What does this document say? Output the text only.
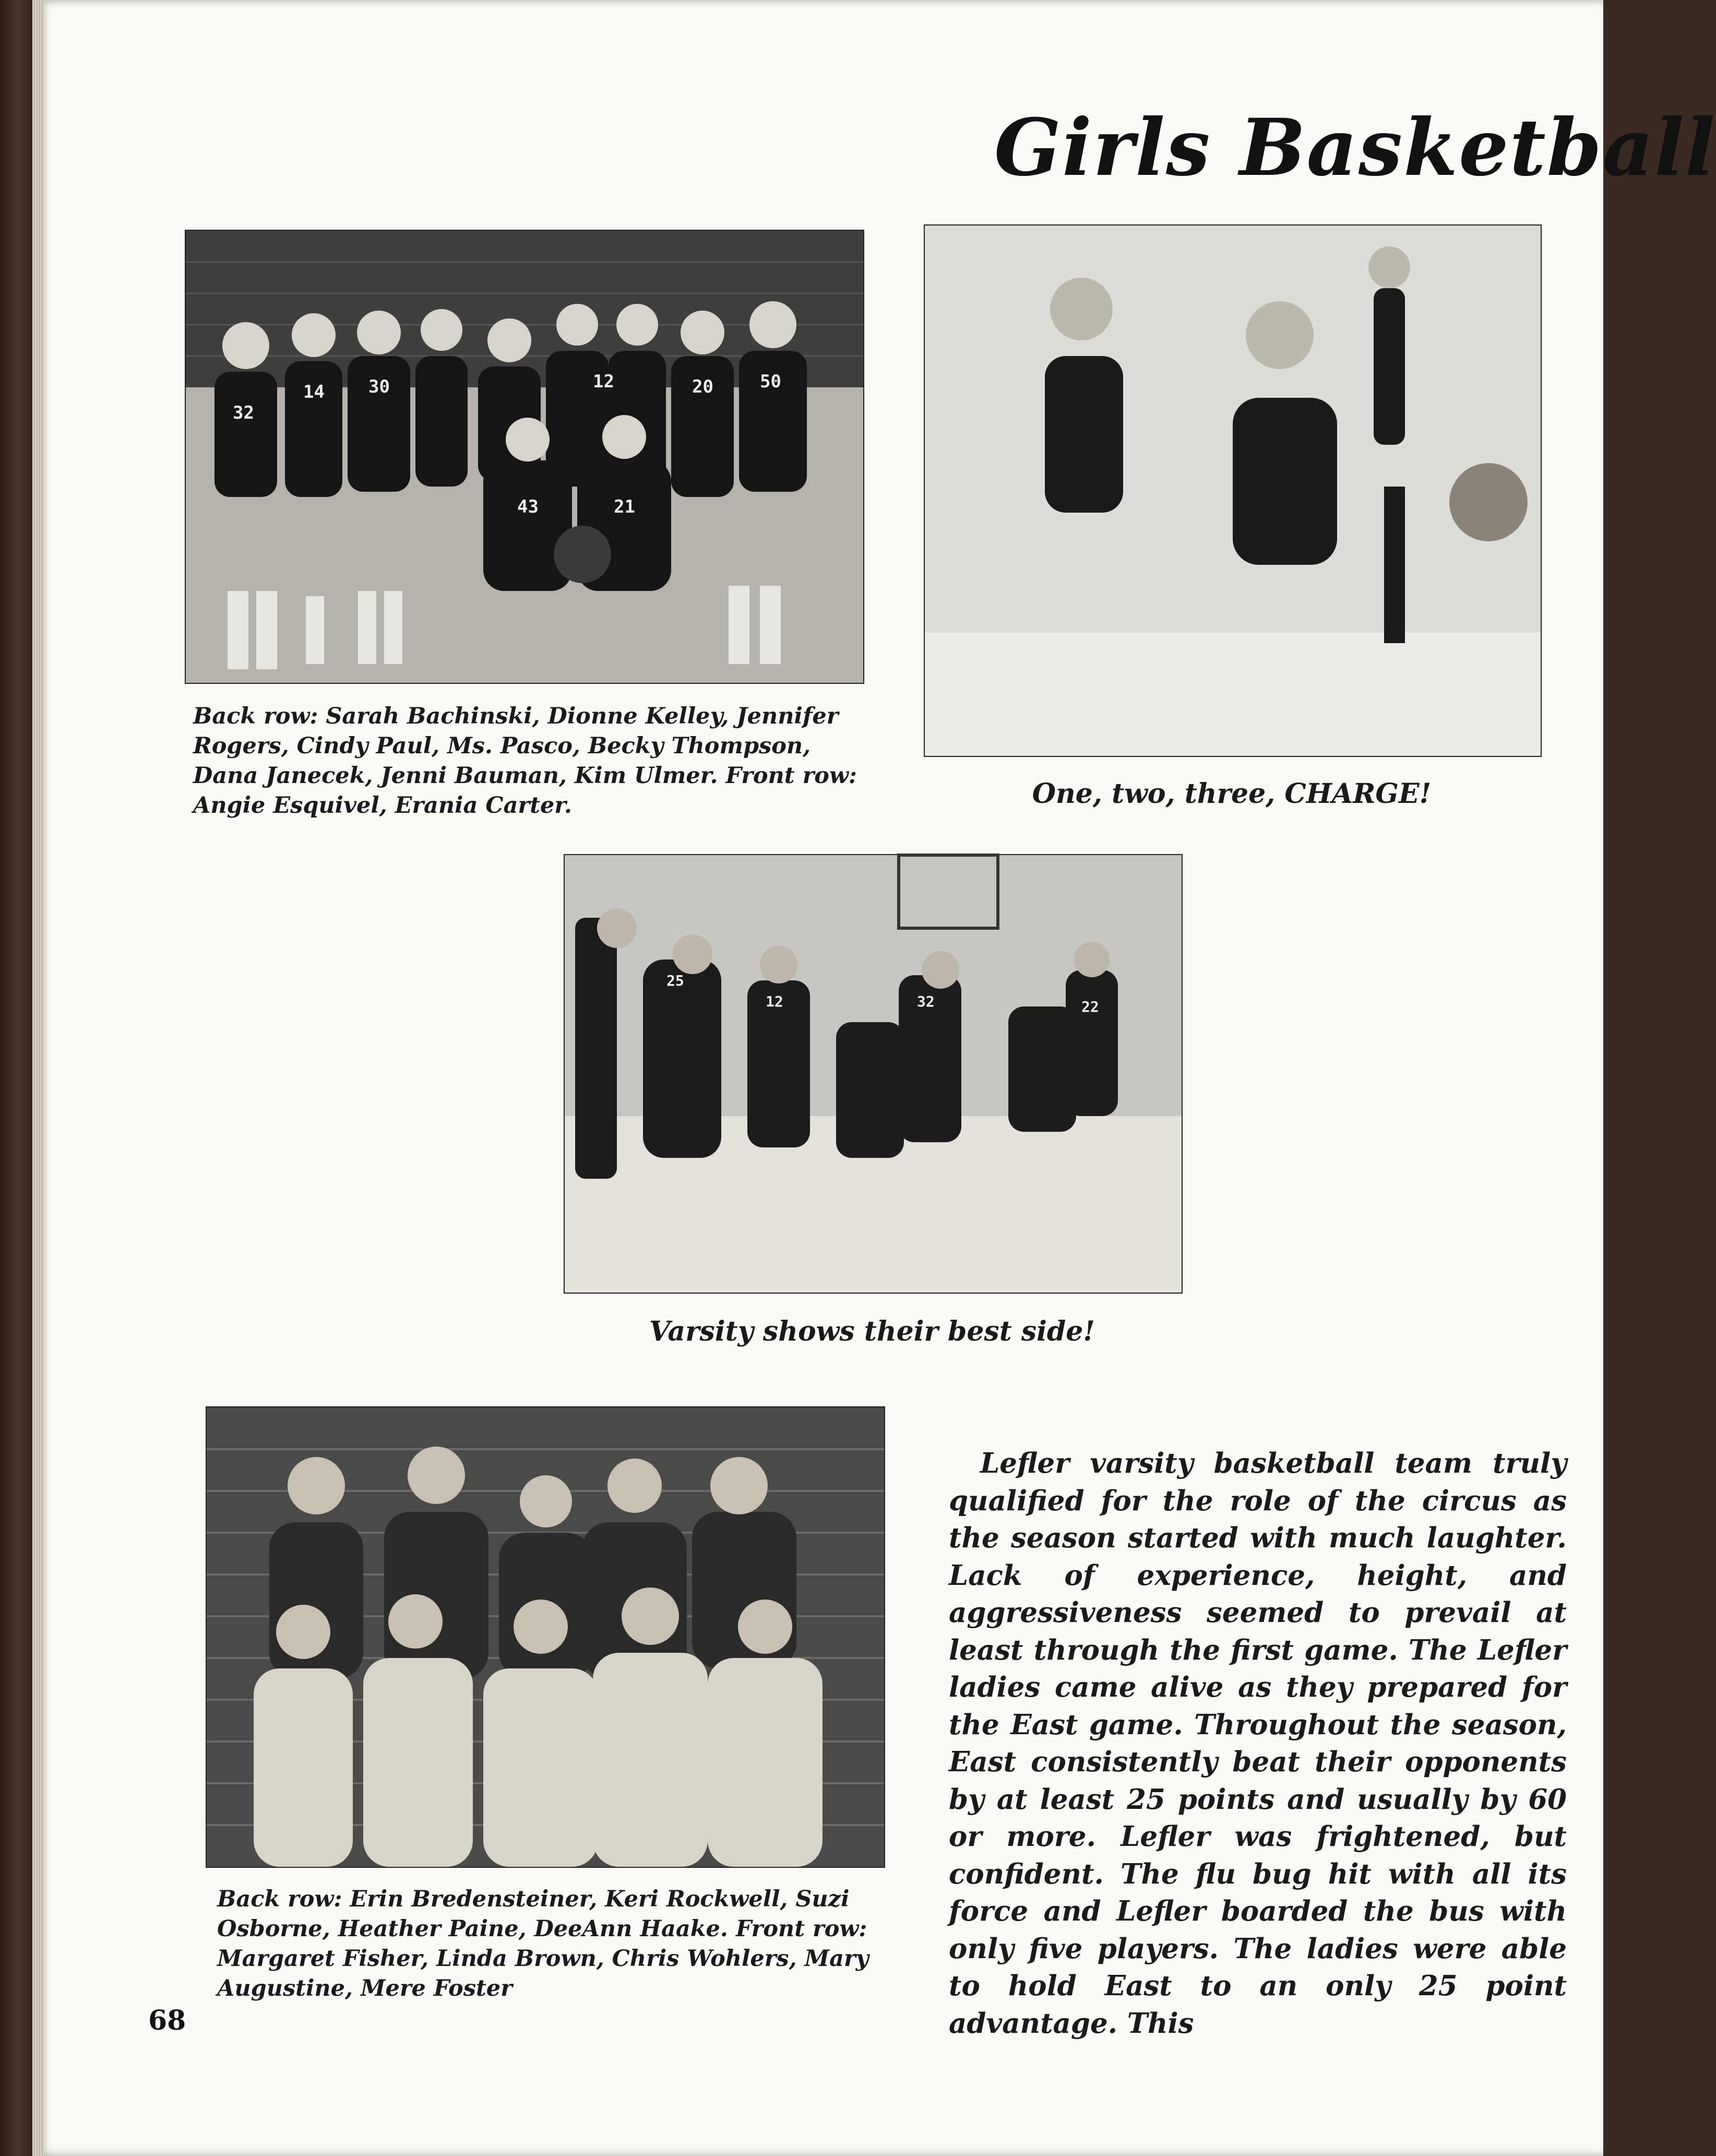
Girls Basketball
32
14 30	12	20	50
43	21
Back row: Sarah Bachinski, Dionne Kelley, Jennifer Rogers, Cindy Paul, Ms. Pasco, Becky Thompson, Dana Janecek, Jenni Bauman, Kim Ulmer. Front row: Angie Esquivel, Erania Carter.	One, two, three, CHARGE!
25
12	32	22
Varsity shows their best side!
Back row: Erin Bredensteiner, Keri Rockwell, Suzi Osborne, Heather Paine, DeeAnn Haake. Front row: Margaret Fisher, Linda Brown, Chris Wohlers, Mary Augustine, Mere Foster
Lefler varsity basketball team truly qualified for the role of the circus as the season started with much laughter. Lack of experience, height, and aggressiveness seemed to prevail at least through the first game. The Lefler ladies came alive as they prepared for the East game. Throughout the season, East consistently beat their opponents by at least 25 points and usually by 60 or more. Lefler was frightened, but confident. The flu bug hit with all its force and Lefler boarded the bus with only five players. The ladies were able to hold East to an only 25 point advantage. This
68
